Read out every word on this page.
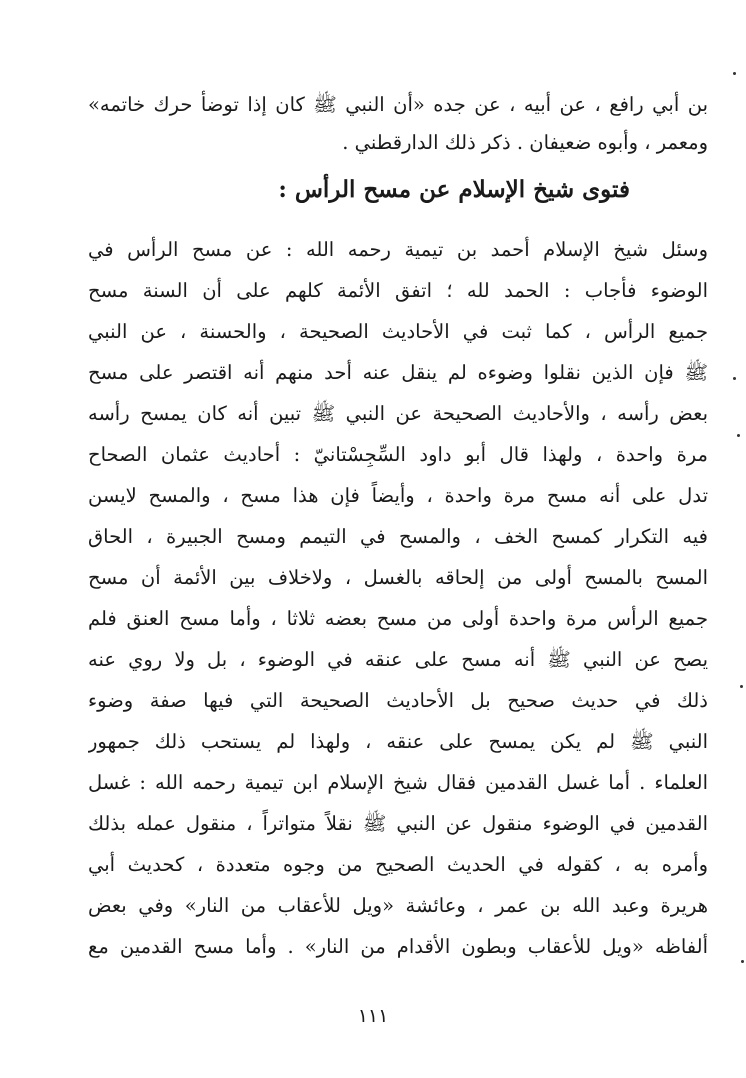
بن أبي رافع ، عن أبيه ، عن جده «أن النبي ﷺ كان إذا توضأ حرك خاتمه»
ومعمر ، وأبوه ضعيفان . ذكر ذلك الدارقطني .
فتوى شيخ الإسلام عن مسح الرأس :
وسئل شيخ الإسلام أحمد بن تيمية رحمه الله : عن مسح الرأس في
الوضوء فأجاب : الحمد لله ؛ اتفق الأئمة كلهم على أن السنة مسح
جميع الرأس ، كما ثبت في الأحاديث الصحيحة ، والحسنة ، عن النبي
ﷺ فإن الذين نقلوا وضوءه لم ينقل عنه أحد منهم أنه اقتصر على مسح
بعض رأسه ، والأحاديث الصحيحة عن النبي ﷺ تبين أنه كان يمسح رأسه
مرة واحدة ، ولهذا قال أبو داود السِّجِسْتانيّ : أحاديث عثمان الصحاح
تدل على أنه مسح مرة واحدة ، وأيضاً فإن هذا مسح ، والمسح لايسن
فيه التكرار كمسح الخف ، والمسح في التيمم ومسح الجبيرة ، الحاق
المسح بالمسح أولى من إلحاقه بالغسل ، ولاخلاف بين الأئمة أن مسح
جميع الرأس مرة واحدة أولى من مسح بعضه ثلاثا ، وأما مسح العنق فلم
يصح عن النبي ﷺ أنه مسح على عنقه في الوضوء ، بل ولا روي عنه
ذلك في حديث صحيح بل الأحاديث الصحيحة التي فيها صفة وضوء
النبي ﷺ لم يكن يمسح على عنقه ، ولهذا لم يستحب ذلك جمهور
العلماء . أما غسل القدمين فقال شيخ الإسلام ابن تيمية رحمه الله : غسل
القدمين في الوضوء منقول عن النبي ﷺ نقلاً متواتراً ، منقول عمله بذلك
وأمره به ، كقوله في الحديث الصحيح من وجوه متعددة ، كحديث أبي
هريرة وعبد الله بن عمر ، وعائشة «ويل للأعقاب من النار» وفي بعض
ألفاظه «ويل للأعقاب وبطون الأقدام من النار» . وأما مسح القدمين مع
١١١
